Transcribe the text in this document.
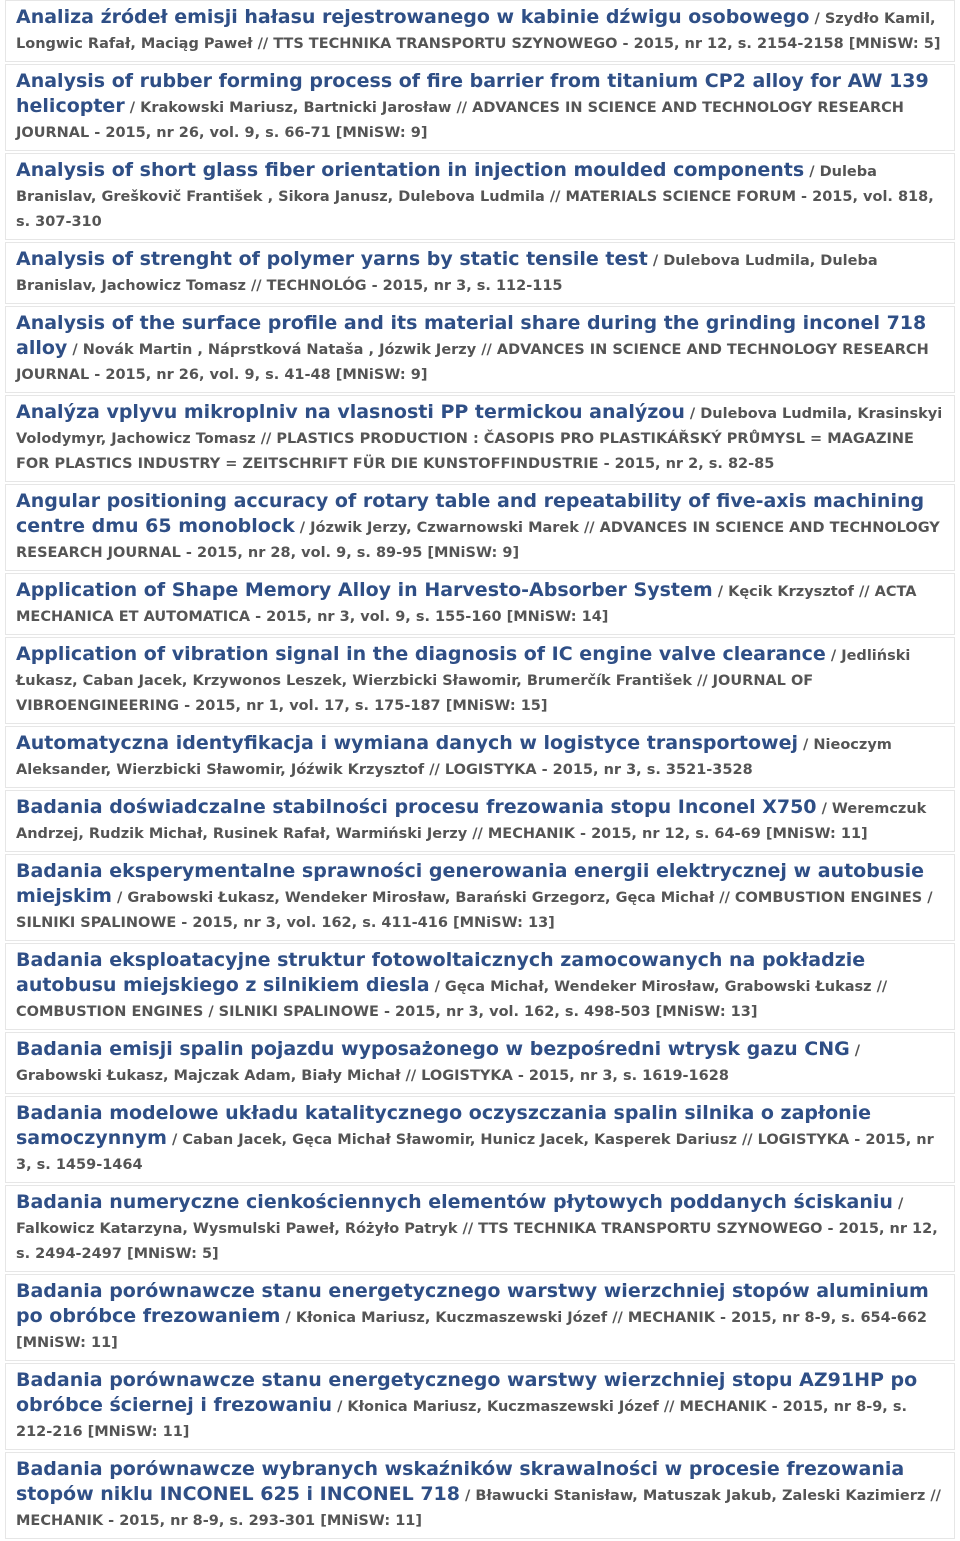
Analiza źródeł emisji hałasu rejestrowanego w kabinie dźwigu osobowego / Szydło Kamil, Longwic Rafał, Maciąg Paweł // TTS TECHNIKA TRANSPORTU SZYNOWEGO - 2015, nr 12, s. 2154-2158 [MNiSW: 5]
Analysis of rubber forming process of fire barrier from titanium CP2 alloy for AW 139 helicopter / Krakowski Mariusz, Bartnicki Jarosław // ADVANCES IN SCIENCE AND TECHNOLOGY RESEARCH JOURNAL - 2015, nr 26, vol. 9, s. 66-71 [MNiSW: 9]
Analysis of short glass fiber orientation in injection moulded components / Duleba Branislav, Greškovič František , Sikora Janusz, Dulebova Ludmila // MATERIALS SCIENCE FORUM - 2015, vol. 818, s. 307-310
Analysis of strenght of polymer yarns by static tensile test / Dulebova Ludmila, Duleba Branislav, Jachowicz Tomasz // TECHNOLÓG - 2015, nr 3, s. 112-115
Analysis of the surface profile and its material share during the grinding inconel 718 alloy / Novák Martin , Náprstková Nataša , Józwik Jerzy // ADVANCES IN SCIENCE AND TECHNOLOGY RESEARCH JOURNAL - 2015, nr 26, vol. 9, s. 41-48 [MNiSW: 9]
Analýza vplyvu mikroplniv na vlasnosti PP termickou analýzou / Dulebova Ludmila, Krasinskyi Volodymyr, Jachowicz Tomasz // PLASTICS PRODUCTION : ČASOPIS PRO PLASTIKÁŘSKÝ PRŮMYSL = MAGAZINE FOR PLASTICS INDUSTRY = ZEITSCHRIFT FÜR DIE KUNSTOFFINDUSTRIE - 2015, nr 2, s. 82-85
Angular positioning accuracy of rotary table and repeatability of five-axis machining centre dmu 65 monoblock / Józwik Jerzy, Czwarnowski Marek // ADVANCES IN SCIENCE AND TECHNOLOGY RESEARCH JOURNAL - 2015, nr 28, vol. 9, s. 89-95 [MNiSW: 9]
Application of Shape Memory Alloy in Harvesto-Absorber System / Kęcik Krzysztof // ACTA MECHANICA ET AUTOMATICA - 2015, nr 3, vol. 9, s. 155-160 [MNiSW: 14]
Application of vibration signal in the diagnosis of IC engine valve clearance / Jedliński Łukasz, Caban Jacek, Krzywonos Leszek, Wierzbicki Sławomir, Brumerčík František // JOURNAL OF VIBROENGINEERING - 2015, nr 1, vol. 17, s. 175-187 [MNiSW: 15]
Automatyczna identyfikacja i wymiana danych w logistyce transportowej / Nieoczym Aleksander, Wierzbicki Sławomir, Jóźwik Krzysztof // LOGISTYKA - 2015, nr 3, s. 3521-3528
Badania doświadczalne stabilności procesu frezowania stopu Inconel X750 / Weremczuk Andrzej, Rudzik Michał, Rusinek Rafał, Warmiński Jerzy // MECHANIK - 2015, nr 12, s. 64-69 [MNiSW: 11]
Badania eksperymentalne sprawności generowania energii elektrycznej w autobusie miejskim / Grabowski Łukasz, Wendeker Mirosław, Barański Grzegorz, Gęca Michał // COMBUSTION ENGINES / SILNIKI SPALINOWE - 2015, nr 3, vol. 162, s. 411-416 [MNiSW: 13]
Badania eksploatacyjne struktur fotowoltaicznych zamocowanych na pokładzie autobusu miejskiego z silnikiem diesla / Gęca Michał, Wendeker Mirosław, Grabowski Łukasz // COMBUSTION ENGINES / SILNIKI SPALINOWE - 2015, nr 3, vol. 162, s. 498-503 [MNiSW: 13]
Badania emisji spalin pojazdu wyposażonego w bezpośredni wtrysk gazu CNG / Grabowski Łukasz, Majczak Adam, Biały Michał // LOGISTYKA - 2015, nr 3, s. 1619-1628
Badania modelowe układu katalitycznego oczyszczania spalin silnika o zapłonie samoczynnym / Caban Jacek, Gęca Michał Sławomir, Hunicz Jacek, Kasperek Dariusz // LOGISTYKA - 2015, nr 3, s. 1459-1464
Badania numeryczne cienkościennych elementów płytowych poddanych ściskaniu / Falkowicz Katarzyna, Wysmulski Paweł, Różyło Patryk // TTS TECHNIKA TRANSPORTU SZYNOWEGO - 2015, nr 12, s. 2494-2497 [MNiSW: 5]
Badania porównawcze stanu energetycznego warstwy wierzchniej stopów aluminium po obróbce frezowaniem / Kłonica Mariusz, Kuczmaszewski Józef // MECHANIK - 2015, nr 8-9, s. 654-662 [MNiSW: 11]
Badania porównawcze stanu energetycznego warstwy wierzchniej stopu AZ91HP po obróbce ściernej i frezowaniu / Kłonica Mariusz, Kuczmaszewski Józef // MECHANIK - 2015, nr 8-9, s. 212-216 [MNiSW: 11]
Badania porównawcze wybranych wskaźników skrawalności w procesie frezowania stopów niklu INCONEL 625 i INCONEL 718 / Bławucki Stanisław, Matuszak Jakub, Zaleski Kazimierz // MECHANIK - 2015, nr 8-9, s. 293-301 [MNiSW: 11]
